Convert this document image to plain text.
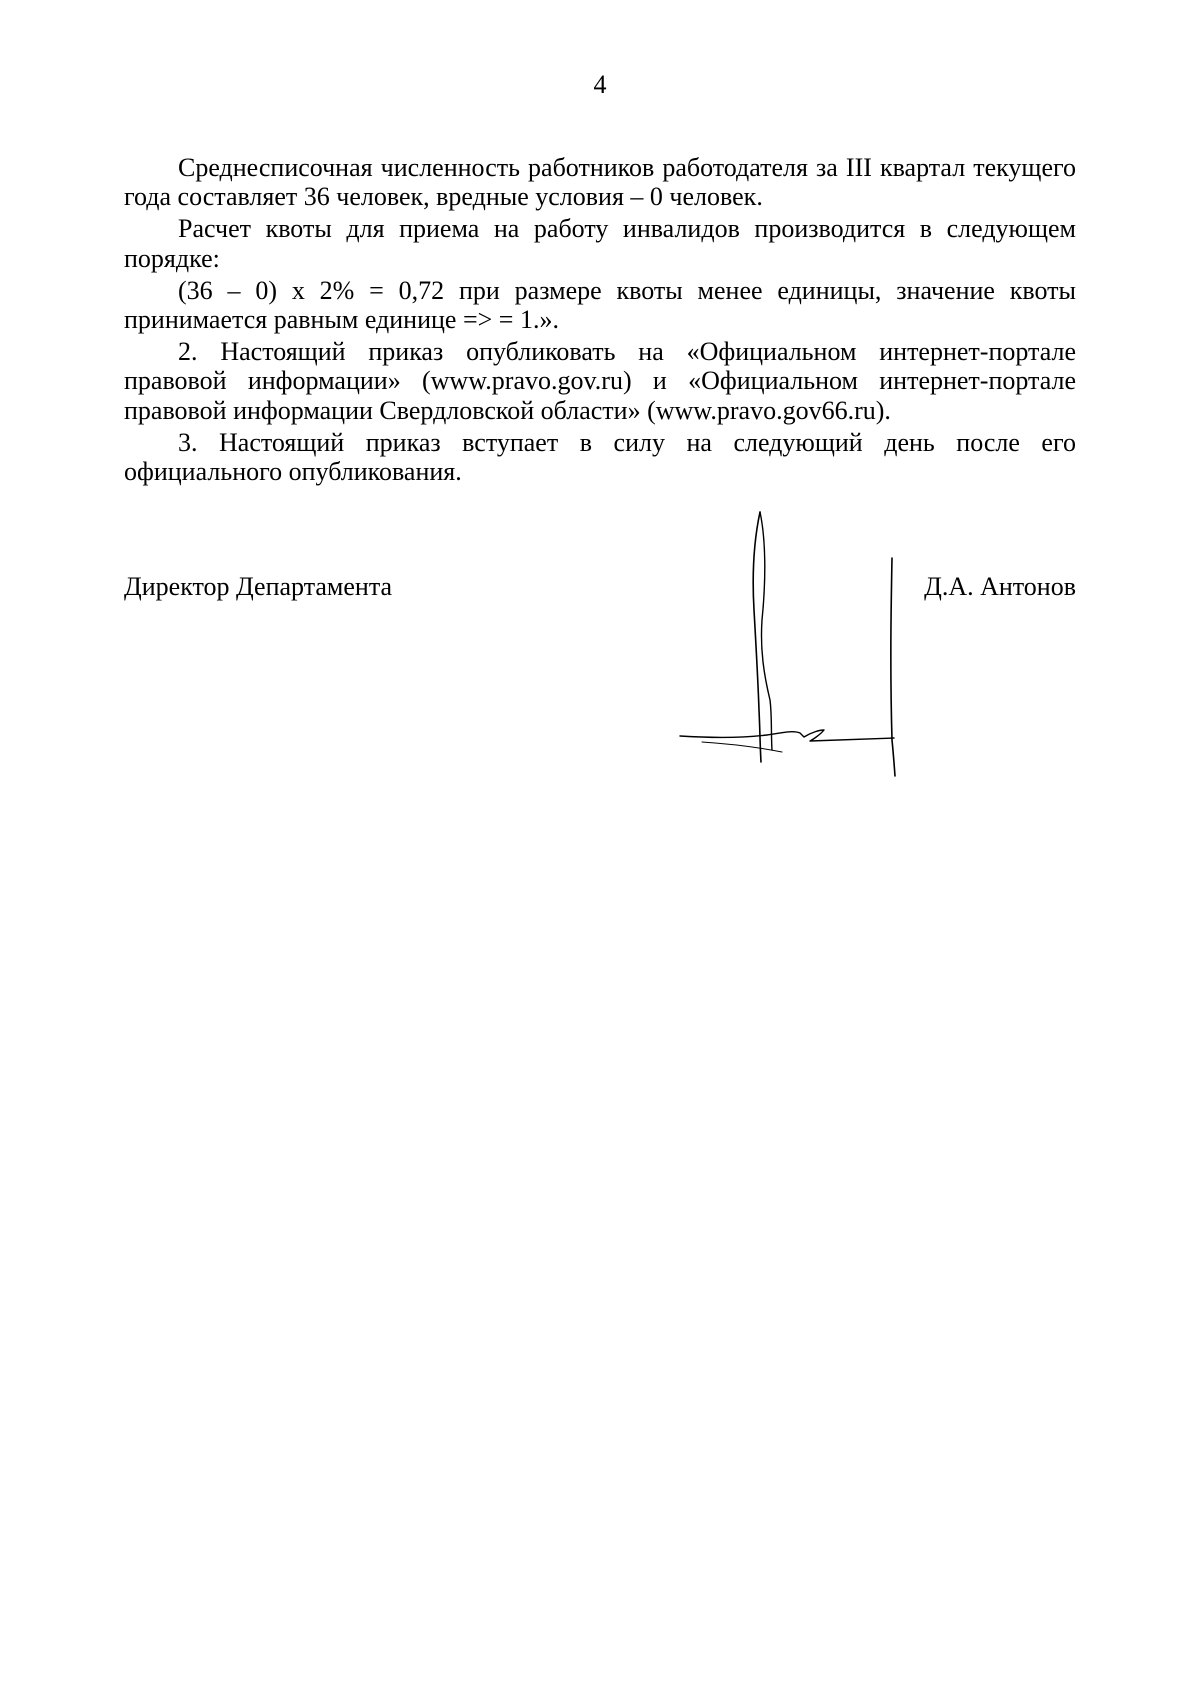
4

Среднесписочная численность работников работодателя за III квартал текущего года составляет 36 человек, вредные условия – 0 человек.

Расчет квоты для приема на работу инвалидов производится в следующем порядке:

(36 – 0) х 2% = 0,72 при размере квоты менее единицы, значение квоты принимается равным единице => = 1.».

2. Настоящий приказ опубликовать на «Официальном интернет-портале правовой информации» (www.pravo.gov.ru) и «Официальном интернет-портале правовой информации Свердловской области» (www.pravo.gov66.ru).

3. Настоящий приказ вступает в силу на следующий день после его официального опубликования.

Директор Департамента	Д.А. Антонов
